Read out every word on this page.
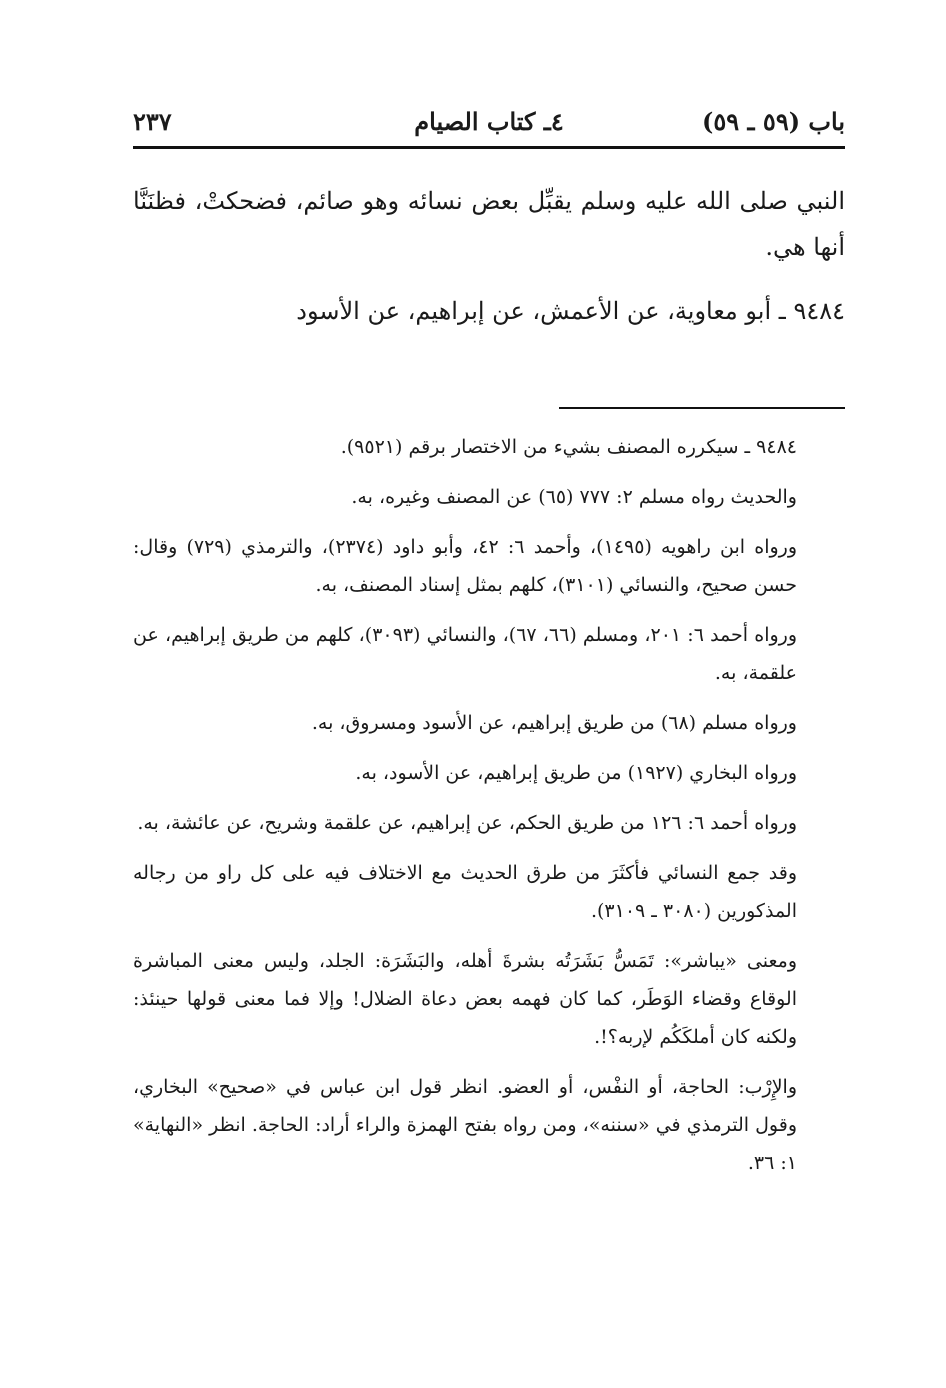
باب (٥٩ ـ ٥٩)
٤ـ كتاب الصيام
٢٣٧

النبي صلى الله عليه وسلم يقبِّل بعض نسائه وهو صائم، فضحكتْ، فظنَنَّا أنها هي.

٩٤٨٤ ـ أبو معاوية، عن الأعمش، عن إبراهيم، عن الأسود

٩٤٨٤ ـ سيكرره المصنف بشيء من الاختصار برقم (٩٥٢١).

والحديث رواه مسلم ٢: ٧٧٧ (٦٥) عن المصنف وغيره، به.

ورواه ابن راهويه (١٤٩٥)، وأحمد ٦: ٤٢، وأبو داود (٢٣٧٤)، والترمذي (٧٢٩) وقال: حسن صحيح، والنسائي (٣١٠١)، كلهم بمثل إسناد المصنف، به.

ورواه أحمد ٦: ٢٠١، ومسلم (٦٦، ٦٧)، والنسائي (٣٠٩٣)، كلهم من طريق إبراهيم، عن علقمة، به.

ورواه مسلم (٦٨) من طريق إبراهيم، عن الأسود ومسروق، به.

ورواه البخاري (١٩٢٧) من طريق إبراهيم، عن الأسود، به.

ورواه أحمد ٦: ١٢٦ من طريق الحكم، عن إبراهيم، عن علقمة وشريح، عن عائشة، به.

وقد جمع النسائي فأكثَرَ من طرق الحديث مع الاختلاف فيه على كل راو من رجاله المذكورين (٣٠٨٠ ـ ٣١٠٩).

ومعنى «يباشر»: تَمَسُّ بَشَرَتُه بشرةَ أهله، والبَشَرَة: الجلد، وليس معنى المباشرة الوقاع وقضاء الوَطَر، كما كان فهمه بعض دعاة الضلال! وإلا فما معنى قولها حينئذ: ولكنه كان أملكَكُم لإربه؟!.

والإِرْب: الحاجة، أو النفْس، أو العضو. انظر قول ابن عباس في «صحيح» البخاري، وقول الترمذي في «سننه»، ومن رواه بفتح الهمزة والراء أراد: الحاجة. انظر «النهاية» ١: ٣٦.
